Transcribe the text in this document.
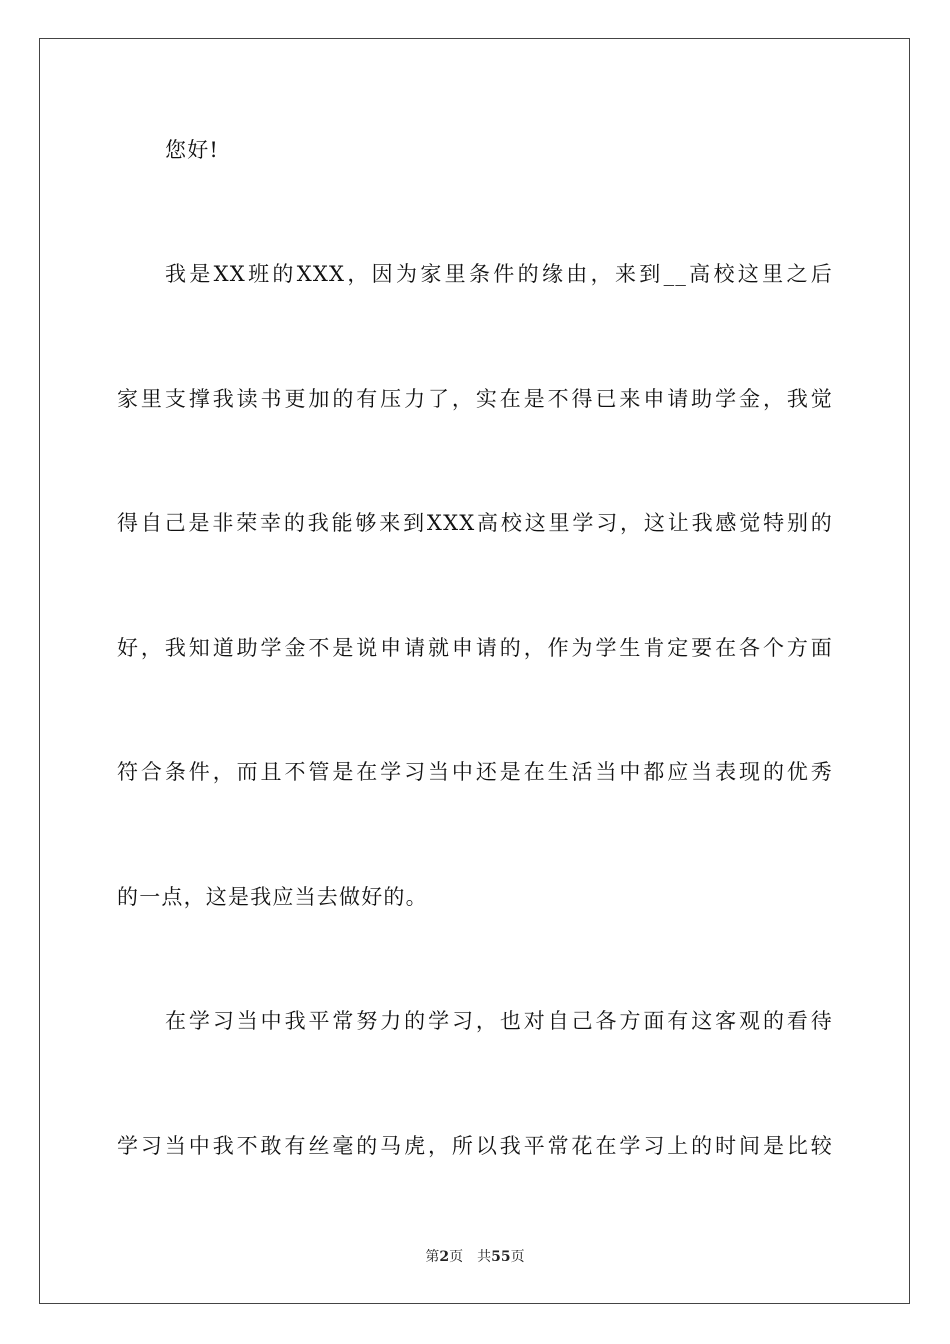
您好!
我是XX班的XXX，因为家里条件的缘由，来到__高校这里之后
家里支撑我读书更加的有压力了，实在是不得已来申请助学金，我觉
得自己是非荣幸的我能够来到XXX高校这里学习，这让我感觉特别的
好，我知道助学金不是说申请就申请的，作为学生肯定要在各个方面
符合条件，而且不管是在学习当中还是在生活当中都应当表现的优秀
的一点，这是我应当去做好的。
在学习当中我平常努力的学习，也对自己各方面有这客观的看待
学习当中我不敢有丝毫的马虎，所以我平常花在学习上的时间是比较
第2页 共55页
